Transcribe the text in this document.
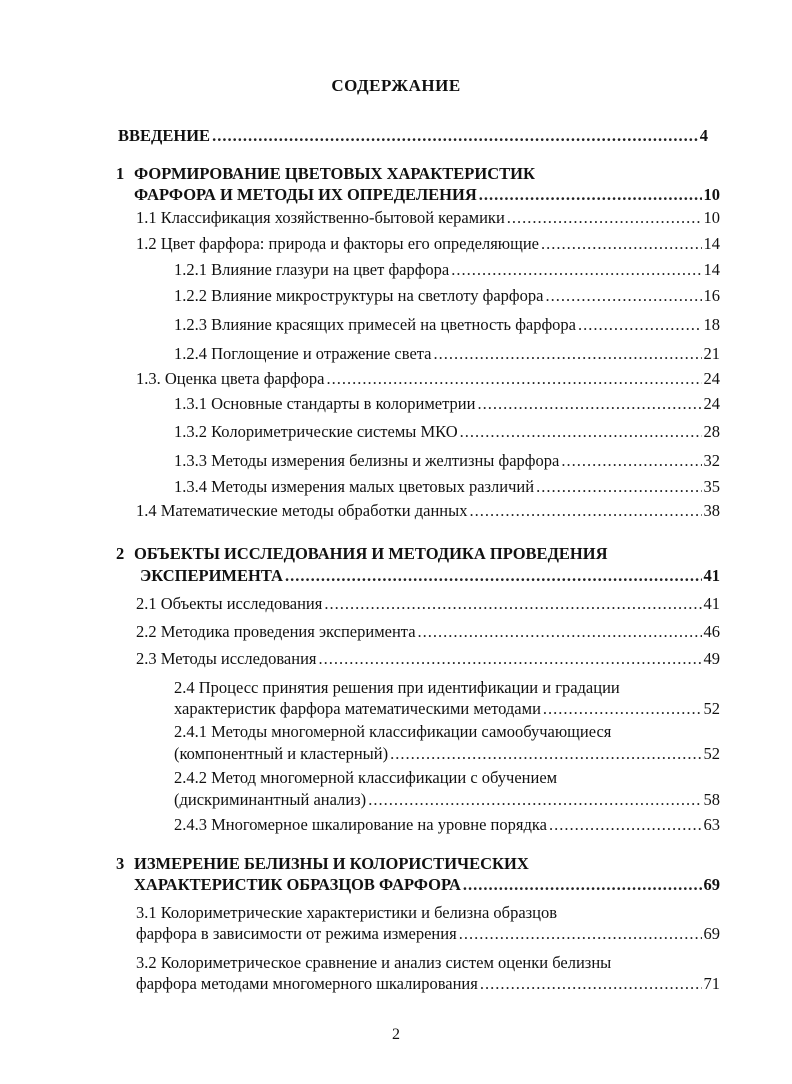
СОДЕРЖАНИЕ
ВВЕДЕНИЕ .....	4
1 ФОРМИРОВАНИЕ ЦВЕТОВЫХ ХАРАКТЕРИСТИК
ФАРФОРА И МЕТОДЫ ИХ ОПРЕДЕЛЕНИЯ .....	10
1.1 Классификация хозяйственно-бытовой керамики .....	10
1.2 Цвет фарфора: природа и факторы его определяющие .....	14
1.2.1 Влияние глазури на цвет фарфора .....	14
1.2.2 Влияние микроструктуры на светлоту фарфора .....	16
1.2.3 Влияние красящих примесей на цветность фарфора .....	18
1.2.4 Поглощение и отражение света .....	21
1.3. Оценка цвета фарфора .....	24
1.3.1 Основные стандарты в колориметрии .....	24
1.3.2 Колориметрические системы МКО .....	28
1.3.3 Методы измерения белизны и желтизны фарфора .....	32
1.3.4 Методы измерения малых цветовых различий .....	35
1.4 Математические методы обработки данных .....	38
2 ОБЪЕКТЫ ИССЛЕДОВАНИЯ И МЕТОДИКА ПРОВЕДЕНИЯ
ЭКСПЕРИМЕНТА .....	41
2.1 Объекты исследования .....	41
2.2 Методика проведения эксперимента .....	46
2.3 Методы исследования .....	49
2.4 Процесс принятия решения при идентификации и градации
характеристик фарфора математическими методами .....	52
2.4.1 Методы многомерной классификации самообучающиеся
(компонентный и кластерный) .....	52
2.4.2 Метод многомерной классификации с обучением
(дискриминантный анализ) .....	58
2.4.3 Многомерное шкалирование на уровне порядка .....	63
3 ИЗМЕРЕНИЕ БЕЛИЗНЫ И КОЛОРИСТИЧЕСКИХ
ХАРАКТЕРИСТИК ОБРАЗЦОВ ФАРФОРА .....	69
3.1 Колориметрические характеристики и белизна образцов
фарфора в зависимости от режима измерения .....	69
3.2 Колориметрическое сравнение и анализ систем оценки белизны
фарфора методами многомерного шкалирования .....	71
2
